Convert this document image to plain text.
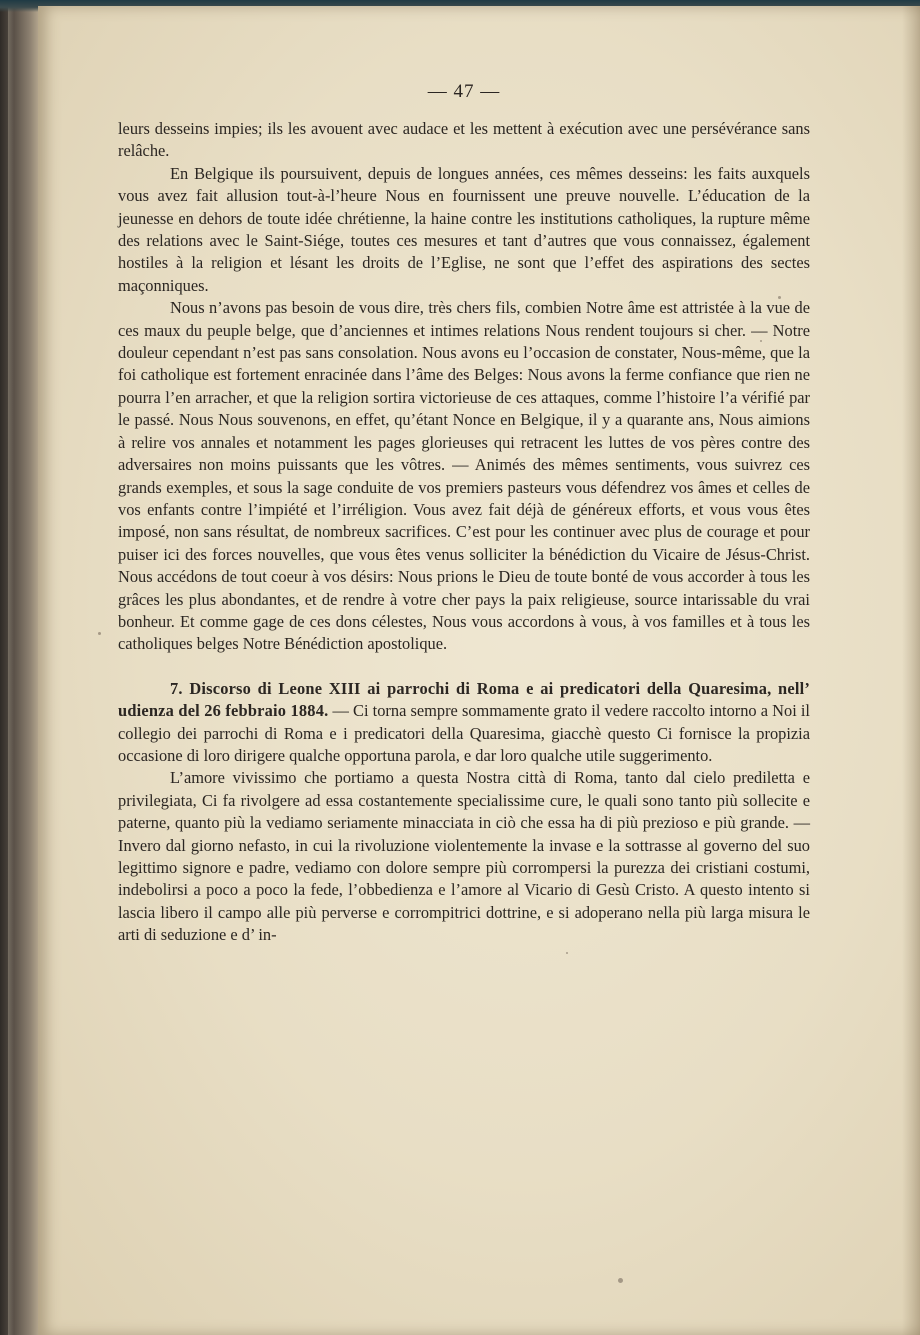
— 47 —

leurs desseins impies; ils les avouent avec audace et les mettent à exécution avec une persévérance sans relâche.

En Belgique ils poursuivent, depuis de longues années, ces mêmes desseins: les faits auxquels vous avez fait allusion tout-à-l’heure Nous en fournissent une preuve nouvelle. L’éducation de la jeunesse en dehors de toute idée chrétienne, la haine contre les institutions catholiques, la rupture même des relations avec le Saint-Siége, toutes ces mesures et tant d’autres que vous connaissez, également hostiles à la religion et lésant les droits de l’Eglise, ne sont que l’effet des aspirations des sectes maçonniques.

Nous n’avons pas besoin de vous dire, très chers fils, combien Notre âme est attristée à la vue de ces maux du peuple belge, que d’anciennes et intimes relations Nous rendent toujours si cher. — Notre douleur cependant n’est pas sans consolation. Nous avons eu l’occasion de constater, Nous-même, que la foi catholique est fortement enracinée dans l’âme des Belges: Nous avons la ferme confiance que rien ne pourra l’en arracher, et que la religion sortira victorieuse de ces attaques, comme l’histoire l’a vérifié par le passé. Nous Nous souvenons, en effet, qu’étant Nonce en Belgique, il y a quarante ans, Nous aimions à relire vos annales et notamment les pages glorieuses qui retracent les luttes de vos pères contre des adversaires non moins puissants que les vôtres. — Animés des mêmes sentiments, vous suivrez ces grands exemples, et sous la sage conduite de vos premiers pasteurs vous défendrez vos âmes et celles de vos enfants contre l’impiété et l’irréligion. Vous avez fait déjà de généreux efforts, et vous vous êtes imposé, non sans résultat, de nombreux sacrifices. C’est pour les continuer avec plus de courage et pour puiser ici des forces nouvelles, que vous êtes venus solliciter la bénédiction du Vicaire de Jésus-Christ. Nous accédons de tout coeur à vos désirs: Nous prions le Dieu de toute bonté de vous accorder à tous les grâces les plus abondantes, et de rendre à votre cher pays la paix religieuse, source intarissable du vrai bonheur. Et comme gage de ces dons célestes, Nous vous accordons à vous, à vos familles et à tous les catholiques belges Notre Bénédiction apostolique.

7. Discorso di Leone XIII ai parrochi di Roma e ai predicatori della Quaresima, nell’ udienza del 26 febbraio 1884. — Ci torna sempre sommamente grato il vedere raccolto intorno a Noi il collegio dei parrochi di Roma e i predicatori della Quaresima, giacchè questo Ci fornisce la propizia occasione di loro dirigere qualche opportuna parola, e dar loro qualche utile suggerimento.

L’amore vivissimo che portiamo a questa Nostra città di Roma, tanto dal cielo prediletta e privilegiata, Ci fa rivolgere ad essa costantemente specialissime cure, le quali sono tanto più sollecite e paterne, quanto più la vediamo seriamente minacciata in ciò che essa ha di più prezioso e più grande. — Invero dal giorno nefasto, in cui la rivoluzione violentemente la invase e la sottrasse al governo del suo legittimo signore e padre, vediamo con dolore sempre più corrompersi la purezza dei cristiani costumi, indebolirsi a poco a poco la fede, l’obbedienza e l’amore al Vicario di Gesù Cristo. A questo intento si lascia libero il campo alle più perverse e corrompitrici dottrine, e si adoperano nella più larga misura le arti di seduzione e d’ in-
